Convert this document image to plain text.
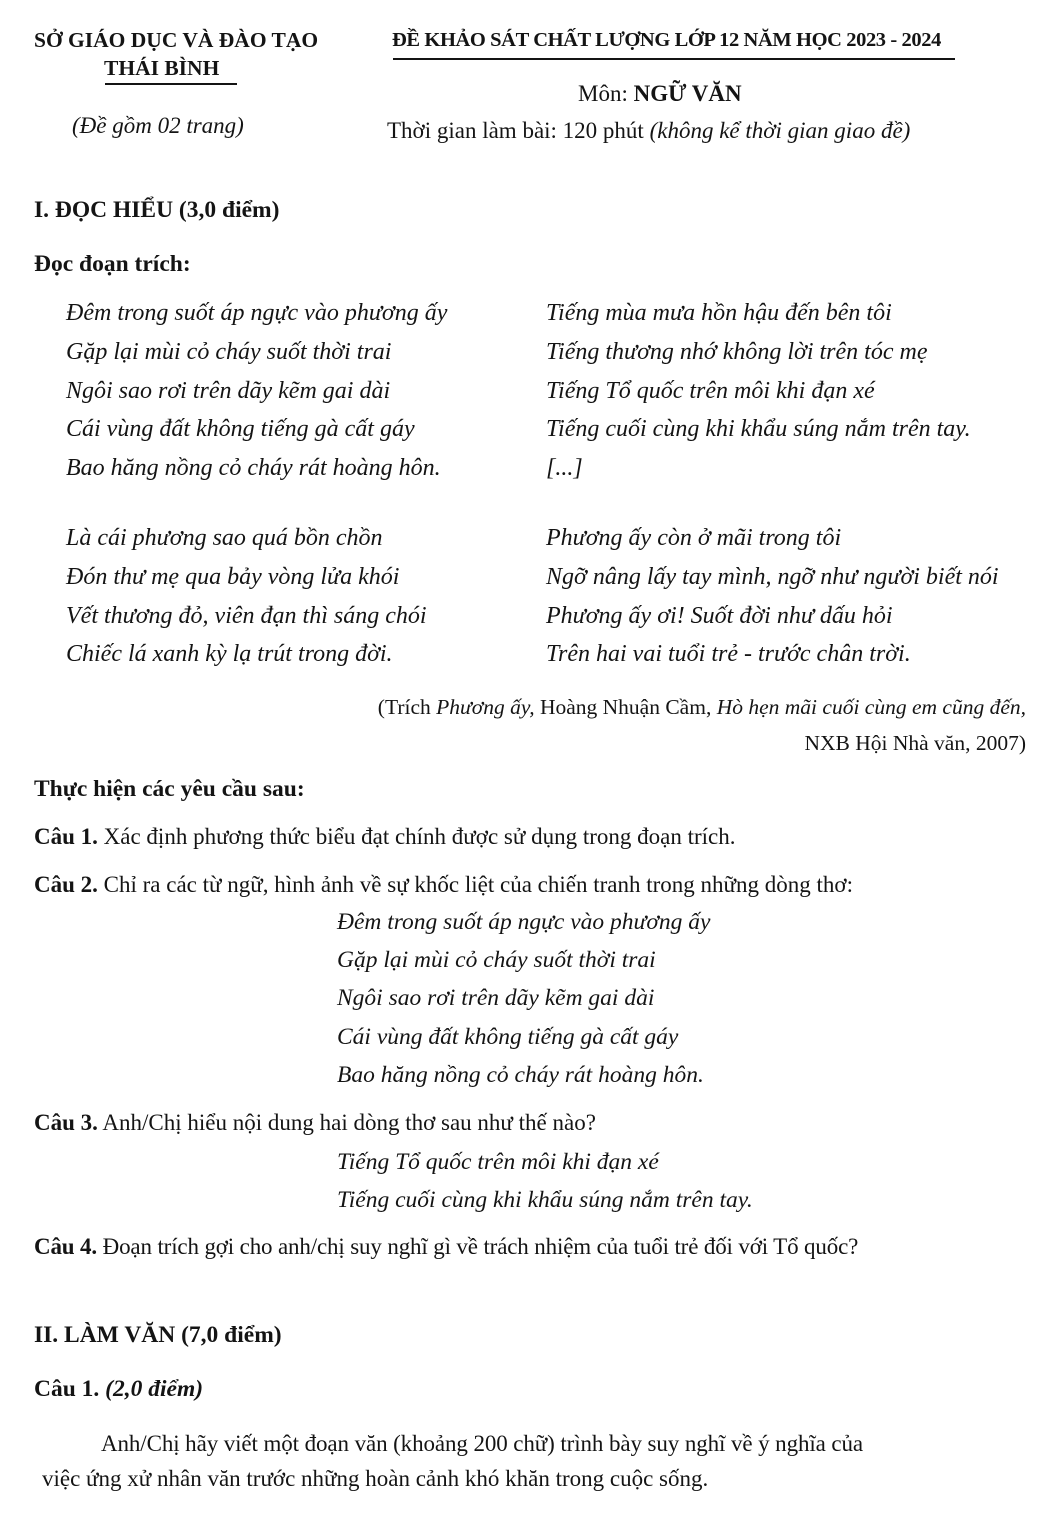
SỞ GIÁO DỤC VÀ ĐÀO TẠO
THÁI BÌNH
(Đề gồm 02 trang)
ĐỀ KHẢO SÁT CHẤT LƯỢNG LỚP 12 NĂM HỌC 2023 - 2024
Môn: NGỮ VĂN
Thời gian làm bài: 120 phút (không kể thời gian giao đề)
I. ĐỌC HIỂU (3,0 điểm)
Đọc đoạn trích:
Đêm trong suốt áp ngực vào phương ấy
Gặp lại mùi cỏ cháy suốt thời trai
Ngôi sao rơi trên dãy kẽm gai dài
Cái vùng đất không tiếng gà cất gáy
Bao hăng nồng cỏ cháy rát hoàng hôn.
Tiếng mùa mưa hồn hậu đến bên tôi
Tiếng thương nhớ không lời trên tóc mẹ
Tiếng Tổ quốc trên môi khi đạn xé
Tiếng cuối cùng khi khẩu súng nắm trên tay.
[...]
Là cái phương sao quá bồn chồn
Đón thư mẹ qua bảy vòng lửa khói
Vết thương đỏ, viên đạn thì sáng chói
Chiếc lá xanh kỳ lạ trút trong đời.
Phương ấy còn ở mãi trong tôi
Ngỡ nâng lấy tay mình, ngỡ như người biết nói
Phương ấy ơi! Suốt đời như dấu hỏi
Trên hai vai tuổi trẻ - trước chân trời.
(Trích Phương ấy, Hoàng Nhuận Cầm, Hò hẹn mãi cuối cùng em cũng đến,
NXB Hội Nhà văn, 2007)
Thực hiện các yêu cầu sau:
Câu 1. Xác định phương thức biểu đạt chính được sử dụng trong đoạn trích.
Câu 2. Chỉ ra các từ ngữ, hình ảnh về sự khốc liệt của chiến tranh trong những dòng thơ:
Đêm trong suốt áp ngực vào phương ấy
Gặp lại mùi cỏ cháy suốt thời trai
Ngôi sao rơi trên dãy kẽm gai dài
Cái vùng đất không tiếng gà cất gáy
Bao hăng nồng cỏ cháy rát hoàng hôn.
Câu 3. Anh/Chị hiểu nội dung hai dòng thơ sau như thế nào?
Tiếng Tổ quốc trên môi khi đạn xé
Tiếng cuối cùng khi khẩu súng nắm trên tay.
Câu 4. Đoạn trích gợi cho anh/chị suy nghĩ gì về trách nhiệm của tuổi trẻ đối với Tổ quốc?
II. LÀM VĂN (7,0 điểm)
Câu 1. (2,0 điểm)
Anh/Chị hãy viết một đoạn văn (khoảng 200 chữ) trình bày suy nghĩ về ý nghĩa của
việc ứng xử nhân văn trước những hoàn cảnh khó khăn trong cuộc sống.
